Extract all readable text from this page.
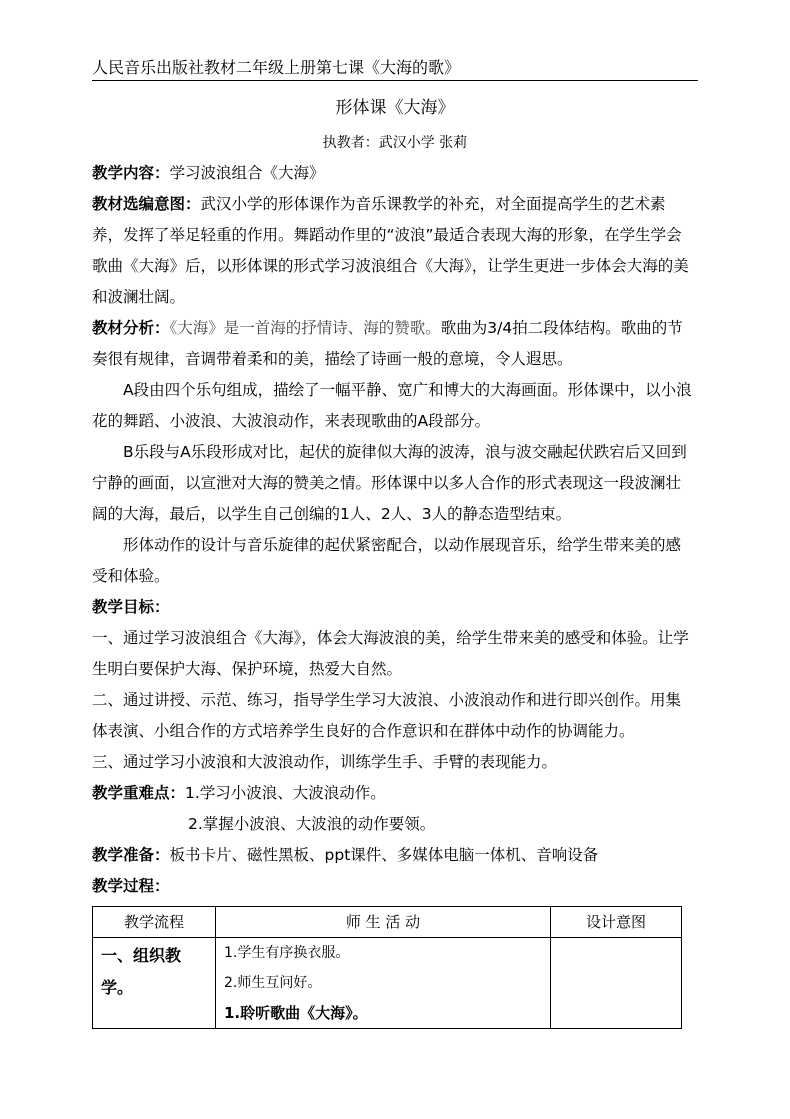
人民音乐出版社教材二年级上册第七课《大海的歌》
形体课《大海》
执教者：武汉小学 张莉

教学内容：学习波浪组合《大海》

教材选编意图：武汉小学的形体课作为音乐课教学的补充，对全面提高学生的艺术素养，发挥了举足轻重的作用。舞蹈动作里的“波浪”最适合表现大海的形象，在学生学会歌曲《大海》后，以形体课的形式学习波浪组合《大海》，让学生更进一步体会大海的美和波澜壮阔。

教材分析：《大海》是一首海的抒情诗、海的赞歌。歌曲为3/4拍二段体结构。歌曲的节奏很有规律，音调带着柔和的美，描绘了诗画一般的意境，令人遐思。

A段由四个乐句组成，描绘了一幅平静、宽广和博大的大海画面。形体课中，以小浪花的舞蹈、小波浪、大波浪动作，来表现歌曲的A段部分。

B乐段与A乐段形成对比，起伏的旋律似大海的波涛，浪与波交融起伏跌宕后又回到宁静的画面，以宣泄对大海的赞美之情。形体课中以多人合作的形式表现这一段波澜壮阔的大海，最后，以学生自己创编的1人、2人、3人的静态造型结束。

形体动作的设计与音乐旋律的起伏紧密配合，以动作展现音乐，给学生带来美的感受和体验。

教学目标：

一、通过学习波浪组合《大海》，体会大海波浪的美，给学生带来美的感受和体验。让学生明白要保护大海、保护环境，热爱大自然。

二、通过讲授、示范、练习，指导学生学习大波浪、小波浪动作和进行即兴创作。用集体表演、小组合作的方式培养学生良好的合作意识和在群体中动作的协调能力。

三、通过学习小波浪和大波浪动作，训练学生手、手臂的表现能力。

教学重难点：1.学习小波浪、大波浪动作。

2.掌握小波浪、大波浪的动作要领。

教学准备：板书卡片、磁性黑板、ppt课件、多媒体电脑一体机、音响设备

教学过程：

教学流程	师 生 活 动	设计意图
一、组织教学。	1.学生有序换衣服。
2.师生互问好。
1.聆听歌曲《大海》。	
